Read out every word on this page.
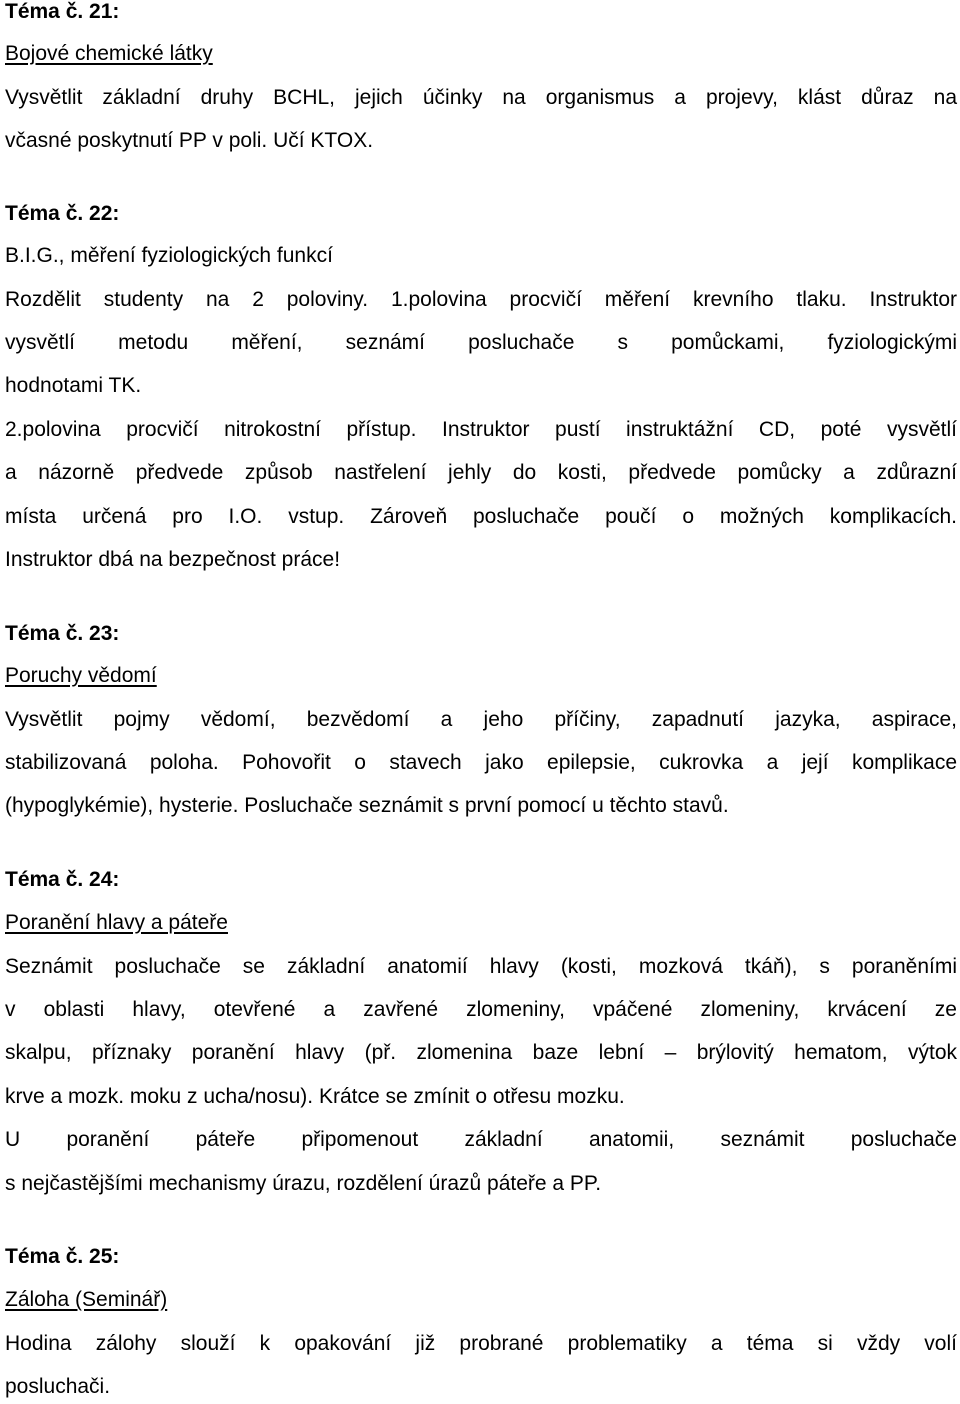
Téma č. 21:
Bojové chemické látky
Vysvětlit základní druhy BCHL, jejich účinky na organismus a projevy, klást důraz na
včasné poskytnutí PP v poli. Učí KTOX.
Téma č. 22:
B.I.G., měření fyziologických funkcí
Rozdělit studenty na 2 poloviny. 1.polovina procvičí měření krevního tlaku. Instruktor
vysvětlí metodu měření, seznámí posluchače s pomůckami, fyziologickými
hodnotami TK.
2.polovina procvičí nitrokostní přístup. Instruktor pustí instruktážní CD, poté vysvětlí
a názorně předvede způsob nastřelení jehly do kosti, předvede pomůcky a zdůrazní
místa určená pro I.O. vstup. Zároveň posluchače poučí o možných komplikacích.
Instruktor dbá na bezpečnost práce!
Téma č. 23:
Poruchy vědomí
Vysvětlit pojmy vědomí, bezvědomí a jeho příčiny, zapadnutí jazyka, aspirace,
stabilizovaná poloha. Pohovořit o stavech jako epilepsie, cukrovka a její komplikace
(hypoglykémie), hysterie. Posluchače seznámit s první pomocí u těchto stavů.
Téma č. 24:
Poranění hlavy a páteře
Seznámit posluchače se základní anatomií hlavy (kosti, mozková tkáň), s poraněními
v oblasti hlavy, otevřené a zavřené zlomeniny, vpáčené zlomeniny, krvácení ze
skalpu, příznaky poranění hlavy (př. zlomenina baze lební – brýlovitý hematom, výtok
krve a mozk. moku z ucha/nosu). Krátce se zmínit o otřesu mozku.
U poranění páteře připomenout základní anatomii, seznámit posluchače
s nejčastějšími mechanismy úrazu, rozdělení úrazů páteře a PP.
Téma č. 25:
Záloha (Seminář)
Hodina zálohy slouží k opakování již probrané problematiky a téma si vždy volí
posluchači.
